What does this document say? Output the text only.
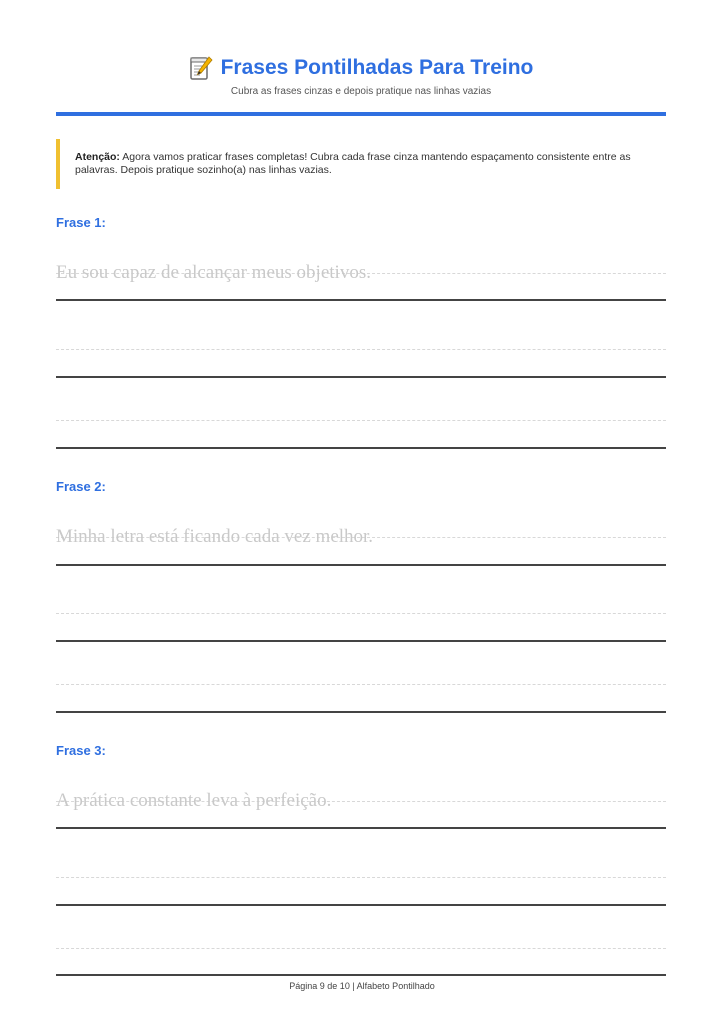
Frases Pontilhadas Para Treino
Cubra as frases cinzas e depois pratique nas linhas vazias
Atenção: Agora vamos praticar frases completas! Cubra cada frase cinza mantendo espaçamento consistente entre as palavras. Depois pratique sozinho(a) nas linhas vazias.
Frase 1:
Eu sou capaz de alcançar meus objetivos.
Frase 2:
Minha letra está ficando cada vez melhor.
Frase 3:
A prática constante leva à perfeição.
Página 9 de 10 | Alfabeto Pontilhado
